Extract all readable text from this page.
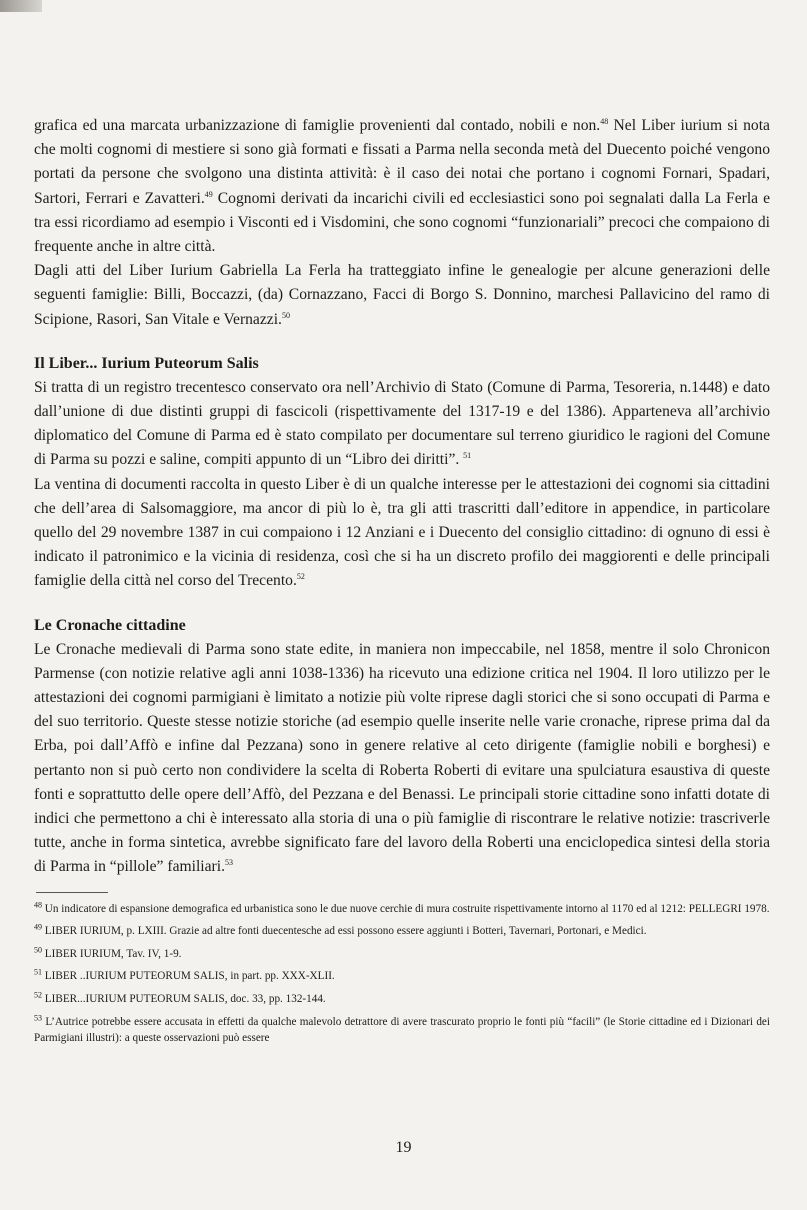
grafica ed una marcata urbanizzazione di famiglie provenienti dal contado, nobili e non.$^{48}$ Nel Liber iurium si nota che molti cognomi di mestiere si sono già formati e fissati a Parma nella seconda metà del Duecento poiché vengono portati da persone che svolgono una distinta attività: è il caso dei notai che portano i cognomi Fornari, Spadari, Sartori, Ferrari e Zavatteri.$^{49}$ Cognomi derivati da incarichi civili ed ecclesiastici sono poi segnalati dalla La Ferla e tra essi ricordiamo ad esempio i Visconti ed i Visdomini, che sono cognomi “funzionariali” precoci che compaiono di frequente anche in altre città.

Dagli atti del Liber Iurium Gabriella La Ferla ha tratteggiato infine le genealogie per alcune generazioni delle seguenti famiglie: Billi, Boccazzi, (da) Cornazzano, Facci di Borgo S. Donnino, marchesi Pallavicino del ramo di Scipione, Rasori, San Vitale e Vernazzi.$^{50}$

Il Liber... Iurium Puteorum Salis

Si tratta di un registro trecentesco conservato ora nell’Archivio di Stato (Comune di Parma, Tesoreria, n.1448) e dato dall’unione di due distinti gruppi di fascicoli (rispettivamente del 1317-19 e del 1386). Apparteneva all’archivio diplomatico del Comune di Parma ed è stato compilato per documentare sul terreno giuridico le ragioni del Comune di Parma su pozzi e saline, compiti appunto di un “Libro dei diritti”. $^{51}$

La ventina di documenti raccolta in questo Liber è di un qualche interesse per le attestazioni dei cognomi sia cittadini che dell’area di Salsomaggiore, ma ancor di più lo è, tra gli atti trascritti dall’editore in appendice, in particolare quello del 29 novembre 1387 in cui compaiono i 12 Anziani e i Duecento del consiglio cittadino: di ognuno di essi è indicato il patronimico e la vicinia di residenza, così che si ha un discreto profilo dei maggiorenti e delle principali famiglie della città nel corso del Trecento.$^{52}$

Le Cronache cittadine

Le Cronache medievali di Parma sono state edite, in maniera non impeccabile, nel 1858, mentre il solo Chronicon Parmense (con notizie relative agli anni 1038-1336) ha ricevuto una edizione critica nel 1904. Il loro utilizzo per le attestazioni dei cognomi parmigiani è limitato a notizie più volte riprese dagli storici che si sono occupati di Parma e del suo territorio. Queste stesse notizie storiche (ad esempio quelle inserite nelle varie cronache, riprese prima dal da Erba, poi dall’Affò e infine dal Pezzana) sono in genere relative al ceto dirigente (famiglie nobili e borghesi) e pertanto non si può certo non condividere la scelta di Roberta Roberti di evitare una spulciatura esaustiva di queste fonti e soprattutto delle opere dell’Affò, del Pezzana e del Benassi. Le principali storie cittadine sono infatti dotate di indici che permettono a chi è interessato alla storia di una o più famiglie di riscontrare le relative notizie: trascriverle tutte, anche in forma sintetica, avrebbe significato fare del lavoro della Roberti una enciclopedica sintesi della storia di Parma in “pillole” familiari.$^{53}$

$^{48}$ Un indicatore di espansione demografica ed urbanistica sono le due nuove cerchie di mura costruite rispettivamente intorno al 1170 ed al 1212: PELLEGRI 1978.
$^{49}$ LIBER IURIUM, p. LXIII. Grazie ad altre fonti duecentesche ad essi possono essere aggiunti i Botteri, Tavernari, Portonari, e Medici.
$^{50}$ LIBER IURIUM, Tav. IV, 1-9.
$^{51}$ LIBER ..IURIUM PUTEORUM SALIS, in part. pp. XXX-XLII.
$^{52}$ LIBER...IURIUM PUTEORUM SALIS, doc. 33, pp. 132-144.
$^{53}$ L’Autrice potrebbe essere accusata in effetti da qualche malevolo detrattore di avere trascurato proprio le fonti più “facili” (le Storie cittadine ed i Dizionari dei Parmigiani illustri): a queste osservazioni può essere
19
